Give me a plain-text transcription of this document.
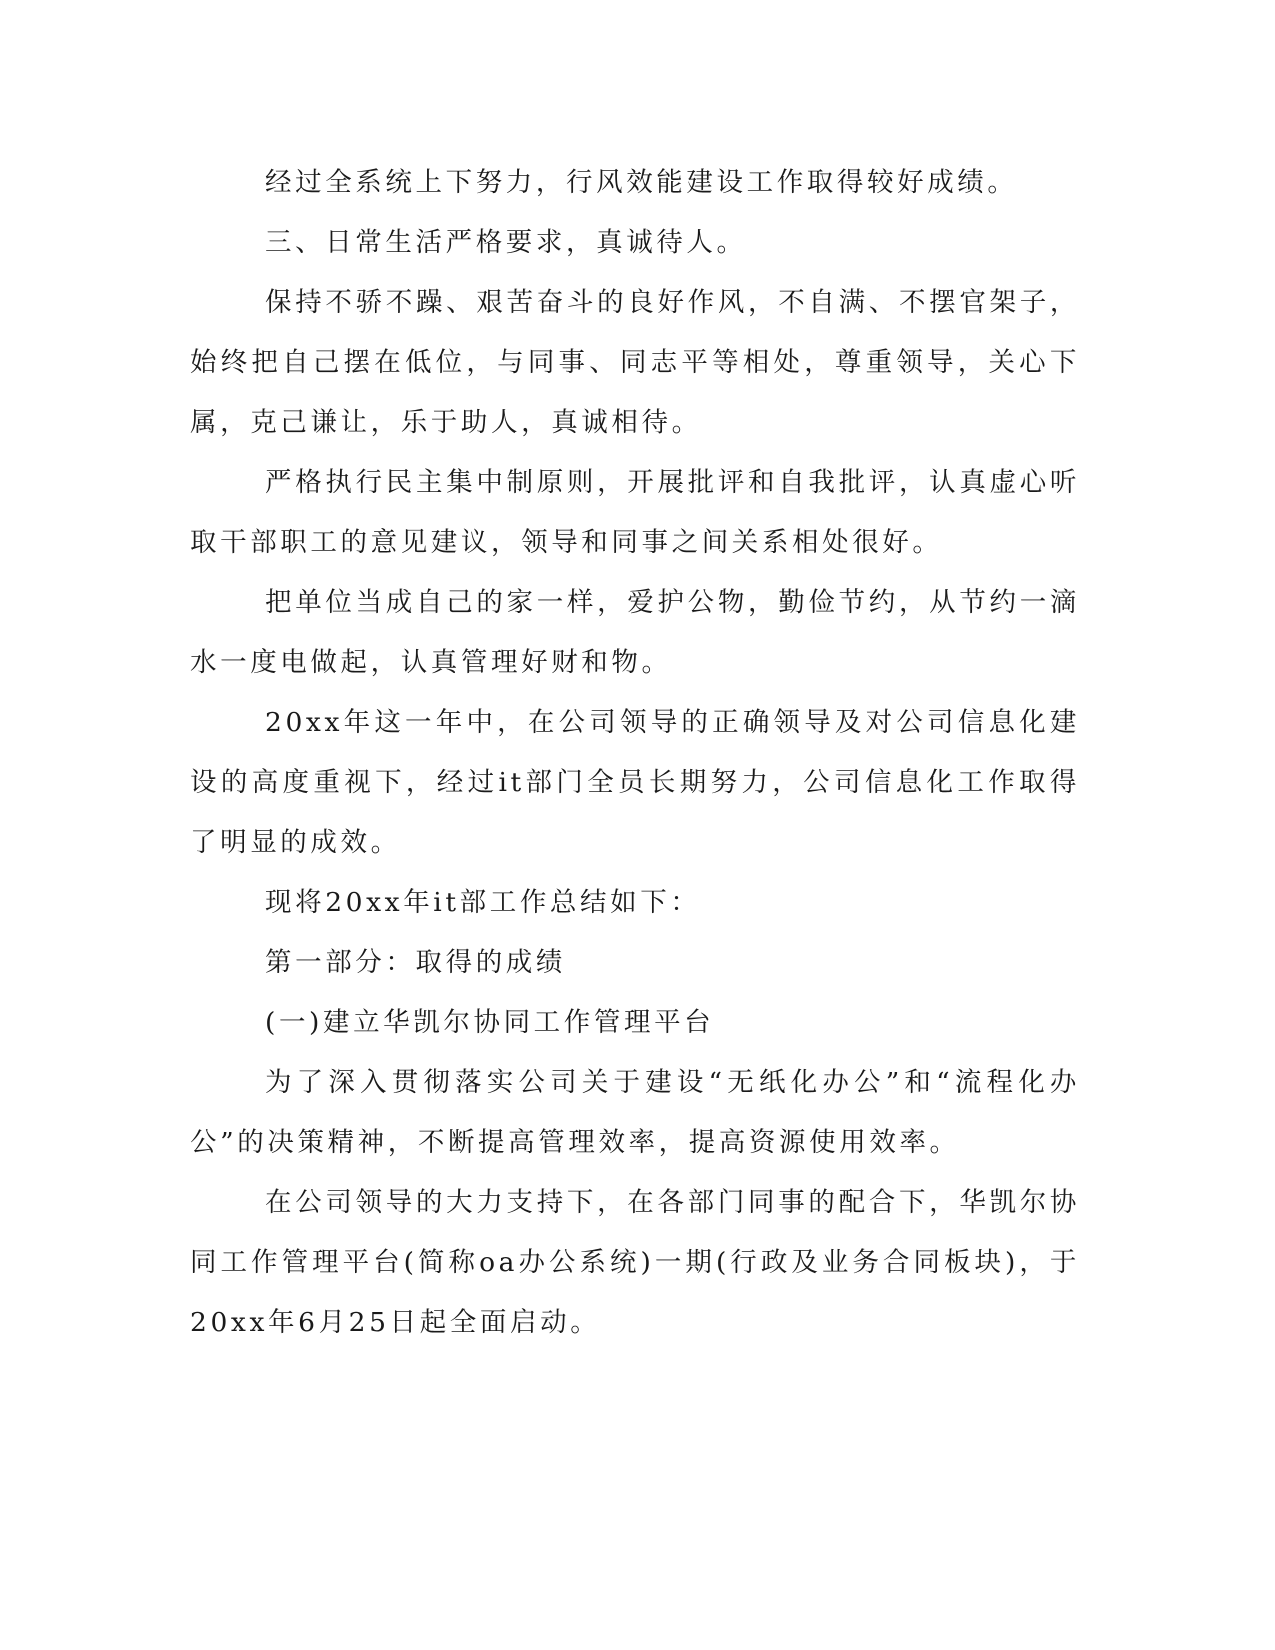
经过全系统上下努力，行风效能建设工作取得较好成绩。

三、日常生活严格要求，真诚待人。

保持不骄不躁、艰苦奋斗的良好作风，不自满、不摆官架子，始终把自己摆在低位，与同事、同志平等相处，尊重领导，关心下属，克己谦让，乐于助人，真诚相待。

严格执行民主集中制原则，开展批评和自我批评，认真虚心听取干部职工的意见建议，领导和同事之间关系相处很好。

把单位当成自己的家一样，爱护公物，勤俭节约，从节约一滴水一度电做起，认真管理好财和物。

20xx年这一年中，在公司领导的正确领导及对公司信息化建设的高度重视下，经过it部门全员长期努力，公司信息化工作取得了明显的成效。

现将20xx年it部工作总结如下：

第一部分：取得的成绩

(一)建立华凯尔协同工作管理平台

为了深入贯彻落实公司关于建设“无纸化办公”和“流程化办公”的决策精神，不断提高管理效率，提高资源使用效率。

在公司领导的大力支持下，在各部门同事的配合下，华凯尔协同工作管理平台(简称oa办公系统)一期(行政及业务合同板块)，于20xx年6月25日起全面启动。
